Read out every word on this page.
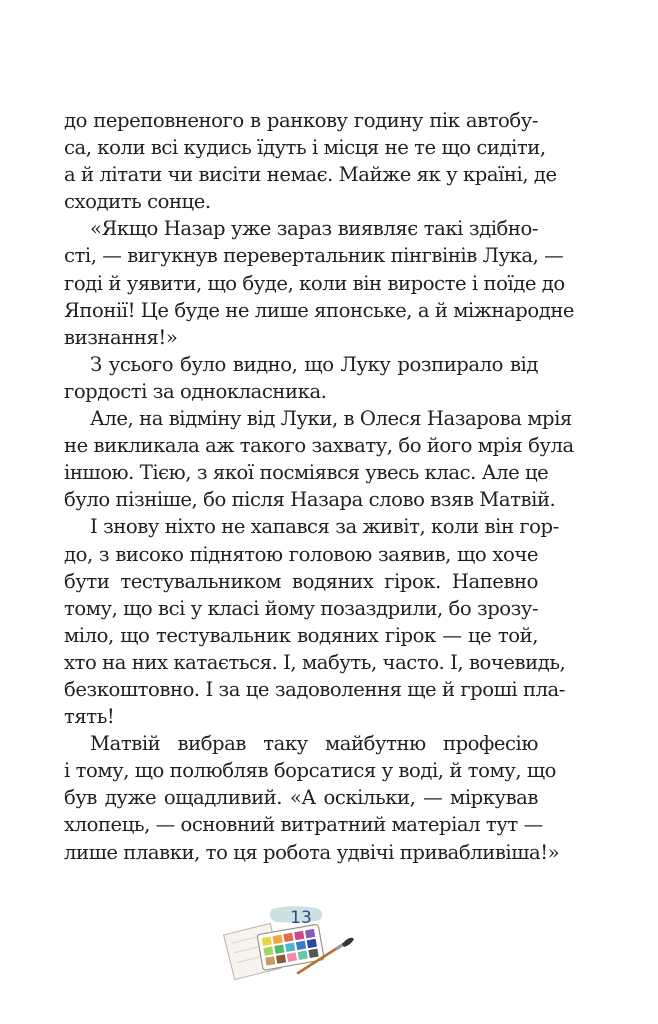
до переповненого в ранкову годину пік автобу-
са, коли всі кудись їдуть і місця не те що сидіти,
а й літати чи висіти немає. Майже як у країні, де
сходить сонце.

«Якщо Назар уже зараз виявляє такі здібно-
сті, — вигукнув перевертальник пінгвінів Лука, —
годі й уявити, що буде, коли він виросте і поїде до
Японії! Це буде не лише японське, а й міжнародне
визнання!»

З усього було видно, що Луку розпирало від
гордості за однокласника.

Але, на відміну від Луки, в Олеся Назарова мрія
не викликала аж такого захвату, бо його мрія була
іншою. Тією, з якої посміявся увесь клас. Але це
було пізніше, бо після Назара слово взяв Матвій.

І знову ніхто не хапався за живіт, коли він гор-
до, з високо піднятою головою заявив, що хоче
бути тестувальником водяних гірок. Напевно
тому, що всі у класі йому позаздрили, бо зрозу-
міло, що тестувальник водяних гірок — це той,
хто на них катається. І, мабуть, часто. І, вочевидь,
безкоштовно. І за це задоволення ще й гроші пла-
тять!

Матвій вибрав таку майбутню професію
і тому, що полюбляв борсатися у воді, й тому, що
був дуже ощадливий. «А оскільки, — міркував
хлопець, — основний витратний матеріал тут —
лише плавки, то ця робота удвічі привабливіша!»

13
